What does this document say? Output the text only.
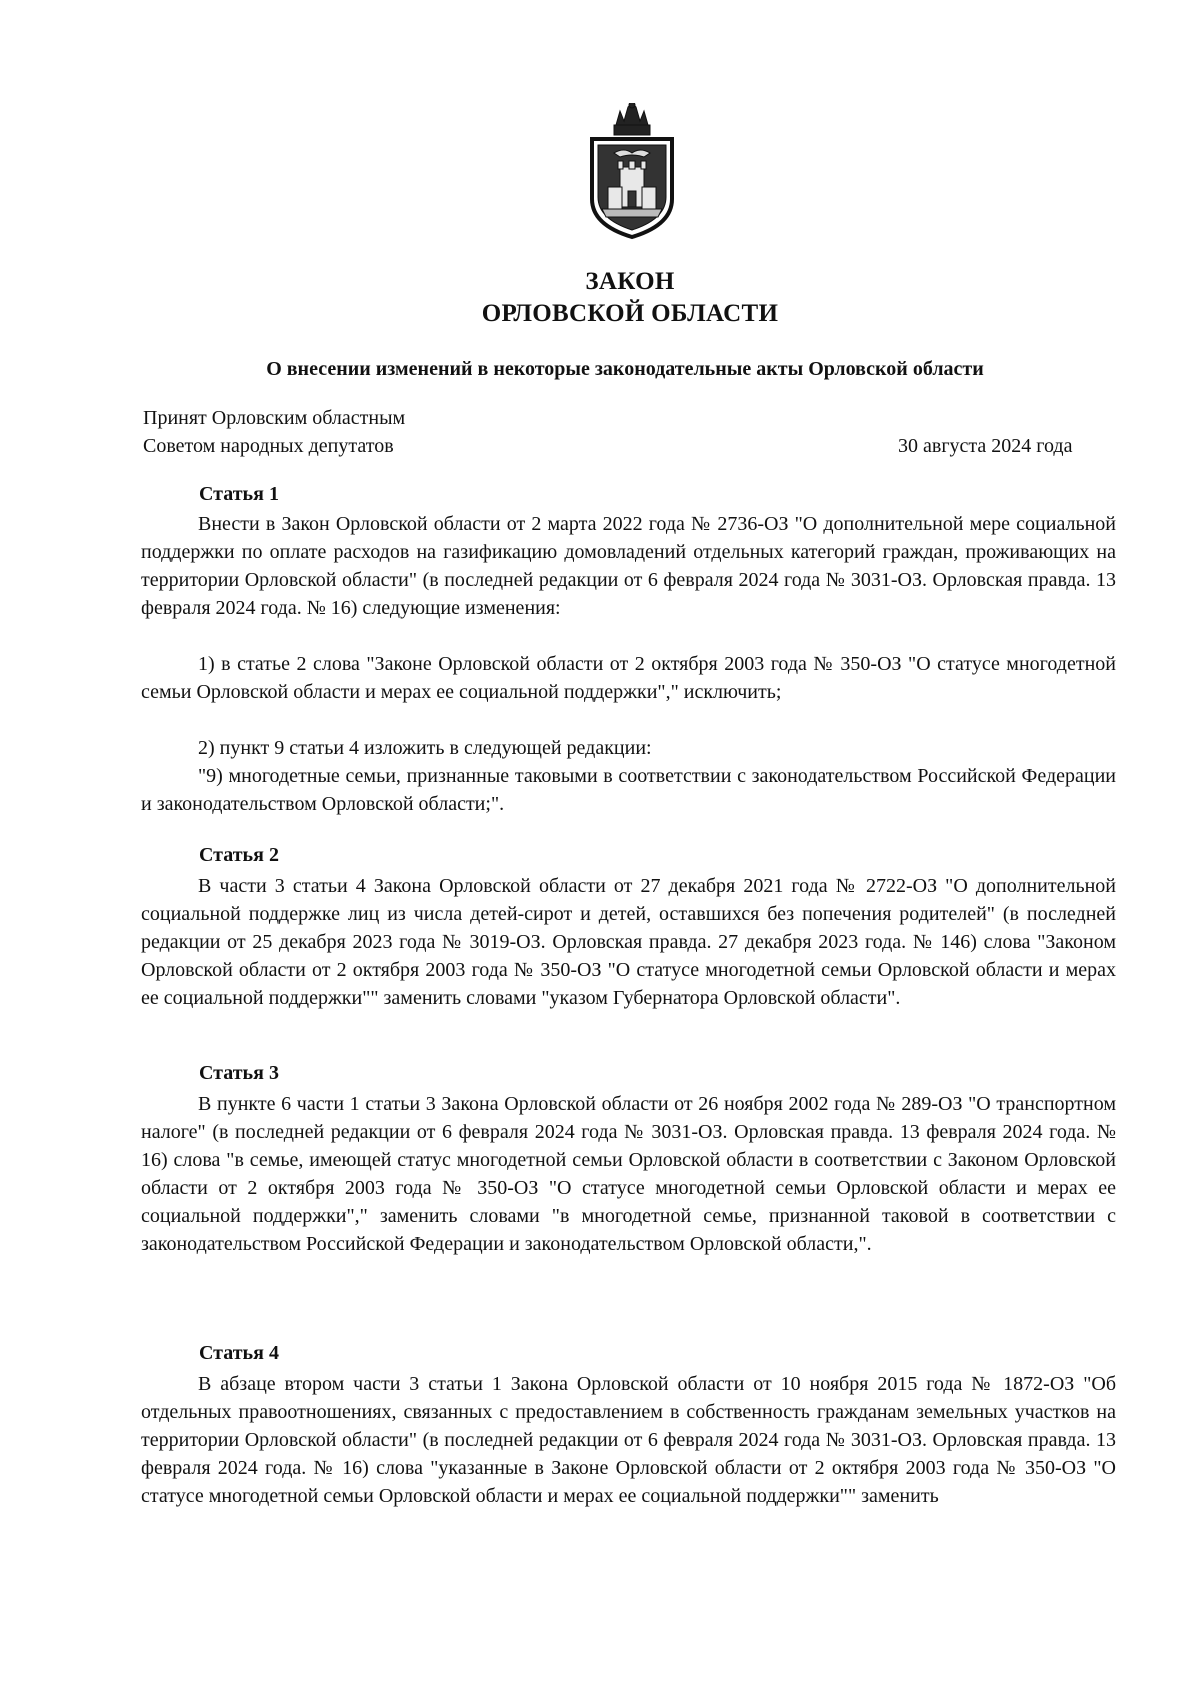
ЗАКОН
ОРЛОВСКОЙ ОБЛАСТИ
О внесении изменений в некоторые законодательные акты Орловской области
Принят Орловским областным
Советом народных депутатов	30 августа 2024 года
Статья 1
Внести в Закон Орловской области от 2 марта 2022 года № 2736-ОЗ "О дополнительной мере социальной поддержки по оплате расходов на газификацию домовладений отдельных категорий граждан, проживающих на территории Орловской области" (в последней редакции от 6 февраля 2024 года № 3031-ОЗ. Орловская правда. 13 февраля 2024 года. № 16) следующие изменения:
1) в статье 2 слова "Законе Орловской области от 2 октября 2003 года № 350-ОЗ "О статусе многодетной семьи Орловской области и мерах ее социальной поддержки"," исключить;
2) пункт 9 статьи 4 изложить в следующей редакции:
"9) многодетные семьи, признанные таковыми в соответствии с законодательством Российской Федерации и законодательством Орловской области;".
Статья 2
В части 3 статьи 4 Закона Орловской области от 27 декабря 2021 года № 2722-ОЗ "О дополнительной социальной поддержке лиц из числа детей-сирот и детей, оставшихся без попечения родителей" (в последней редакции от 25 декабря 2023 года № 3019-ОЗ. Орловская правда. 27 декабря 2023 года. № 146) слова "Законом Орловской области от 2 октября 2003 года № 350-ОЗ "О статусе многодетной семьи Орловской области и мерах ее социальной поддержки"" заменить словами "указом Губернатора Орловской области".
Статья 3
В пункте 6 части 1 статьи 3 Закона Орловской области от 26 ноября 2002 года № 289-ОЗ "О транспортном налоге" (в последней редакции от 6 февраля 2024 года № 3031-ОЗ. Орловская правда. 13 февраля 2024 года. № 16) слова "в семье, имеющей статус многодетной семьи Орловской области в соответствии с Законом Орловской области от 2 октября 2003 года № 350-ОЗ "О статусе многодетной семьи Орловской области и мерах ее социальной поддержки"," заменить словами "в многодетной семье, признанной таковой в соответствии с законодательством Российской Федерации и законодательством Орловской области,".
Статья 4
В абзаце втором части 3 статьи 1 Закона Орловской области от 10 ноября 2015 года № 1872-ОЗ "Об отдельных правоотношениях, связанных с предоставлением в собственность гражданам земельных участков на территории Орловской области" (в последней редакции от 6 февраля 2024 года № 3031-ОЗ. Орловская правда. 13 февраля 2024 года. № 16) слова "указанные в Законе Орловской области от 2 октября 2003 года № 350-ОЗ "О статусе многодетной семьи Орловской области и мерах ее социальной поддержки"" заменить
